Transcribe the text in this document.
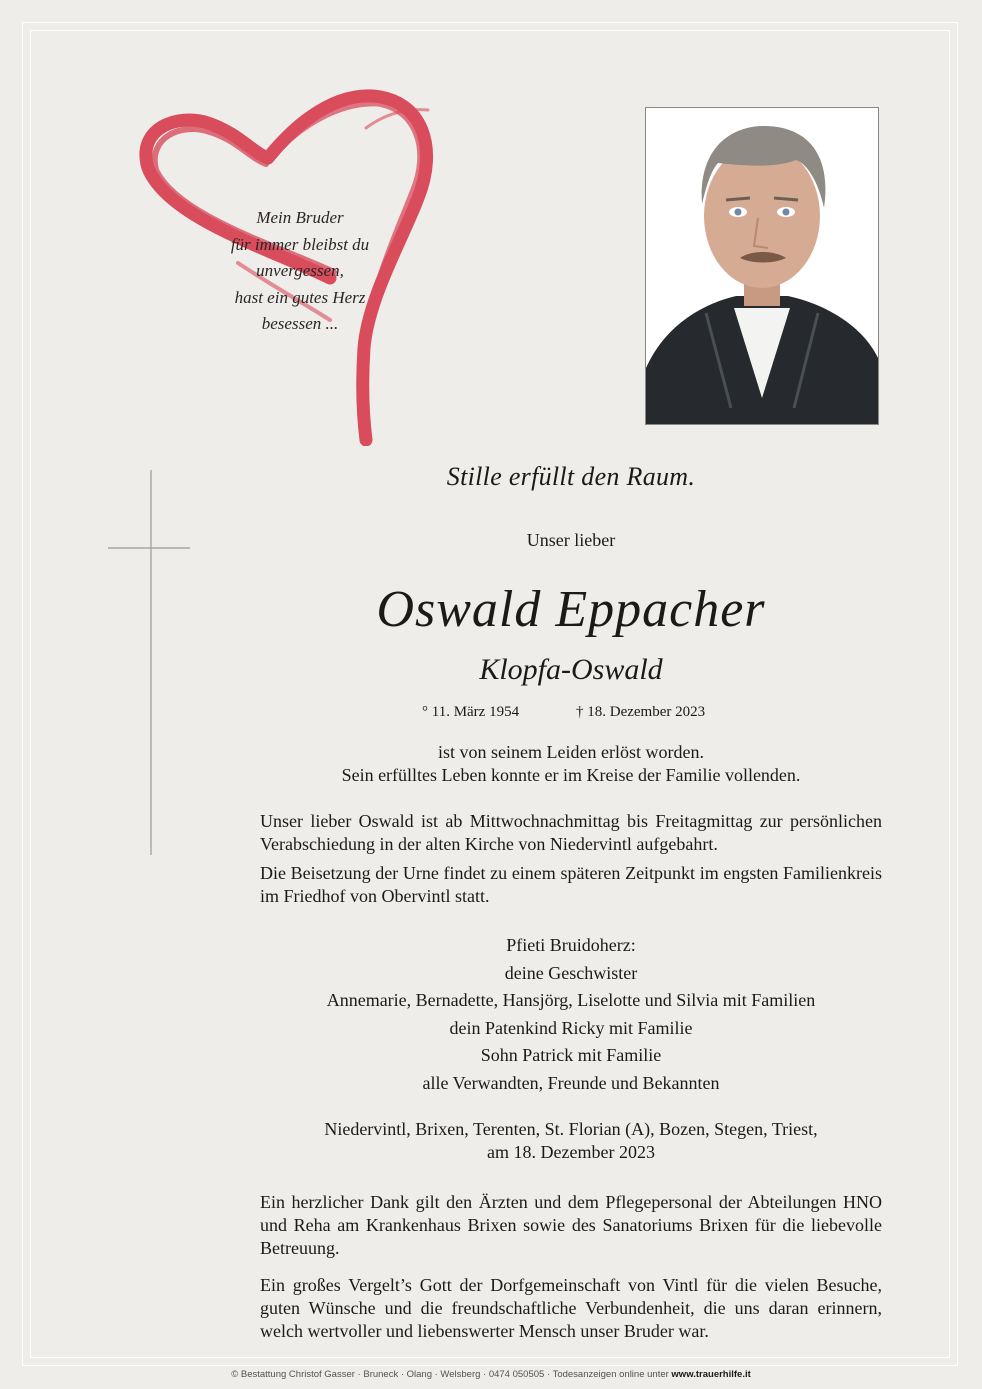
Mein Bruder
für immer bleibst du
unvergessen,
hast ein gutes Herz
besessen ...
Stille erfüllt den Raum.
Unser lieber
Oswald Eppacher
Klopfa-Oswald
° 11. März 1954	† 18. Dezember 2023
ist von seinem Leiden erlöst worden.
Sein erfülltes Leben konnte er im Kreise der Familie vollenden.
Unser lieber Oswald ist ab Mittwochnachmittag bis Freitagmittag zur persönlichen Verabschiedung in der alten Kirche von Niedervintl aufgebahrt.
Die Beisetzung der Urne findet zu einem späteren Zeitpunkt im engsten Familienkreis im Friedhof von Obervintl statt.
Pfieti Bruidoherz:
deine Geschwister
Annemarie, Bernadette, Hansjörg, Liselotte und Silvia mit Familien
dein Patenkind Ricky mit Familie
Sohn Patrick mit Familie
alle Verwandten, Freunde und Bekannten
Niedervintl, Brixen, Terenten, St. Florian (A), Bozen, Stegen, Triest,
am 18. Dezember 2023
Ein herzlicher Dank gilt den Ärzten und dem Pflegepersonal der Abteilungen HNO und Reha am Krankenhaus Brixen sowie des Sanatoriums Brixen für die liebevolle Betreuung.
Ein großes Vergelt’s Gott der Dorfgemeinschaft von Vintl für die vielen Besuche, guten Wünsche und die freundschaftliche Verbundenheit, die uns daran erinnern, welch wertvoller und liebenswerter Mensch unser Bruder war.
© Bestattung Christof Gasser · Bruneck · Olang · Welsberg · 0474 050505 · Todesanzeigen online unter www.trauerhilfe.it
